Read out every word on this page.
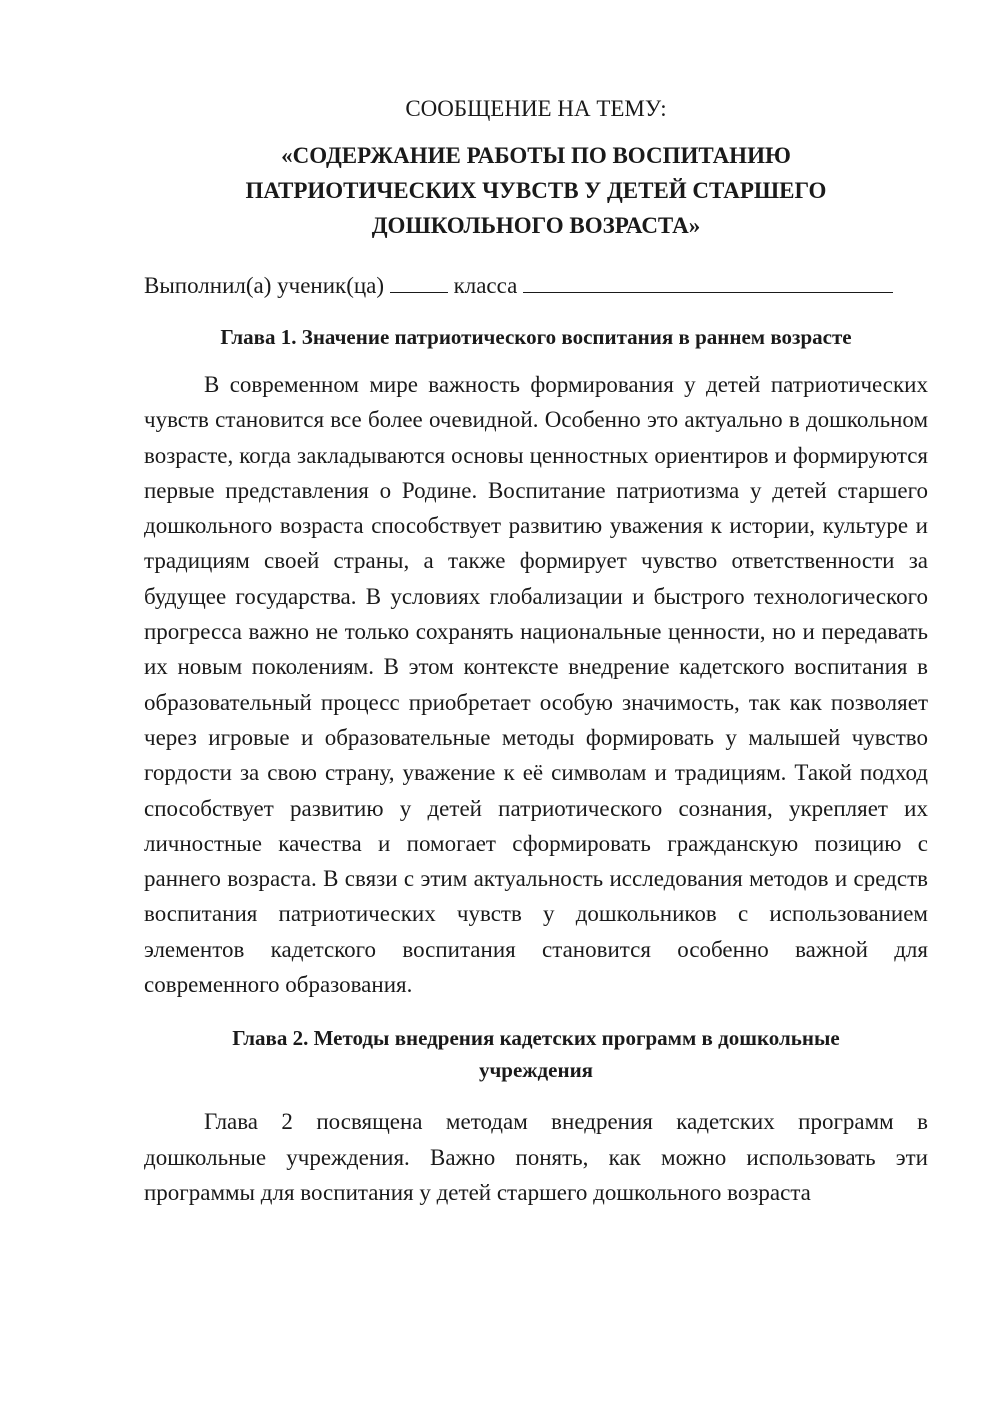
СООБЩЕНИЕ НА ТЕМУ:
«СОДЕРЖАНИЕ РАБОТЫ ПО ВОСПИТАНИЮ
ПАТРИОТИЧЕСКИХ ЧУВСТВ У ДЕТЕЙ СТАРШЕГО
ДОШКОЛЬНОГО ВОЗРАСТА»
Выполнил(а) ученик(ца)	класса
Глава 1. Значение патриотического воспитания в раннем возрасте

В современном мире важность формирования у детей патриотических чувств становится все более очевидной. Особенно это актуально в дошкольном возрасте, когда закладываются основы ценностных ориентиров и формируются первые представления о Родине. Воспитание патриотизма у детей старшего дошкольного возраста способствует развитию уважения к истории, культуре и традициям своей страны, а также формирует чувство ответственности за будущее государства. В условиях глобализации и быстрого технологического прогресса важно не только сохранять национальные ценности, но и передавать их новым поколениям. В этом контексте внедрение кадетского воспитания в образовательный процесс приобретает особую значимость, так как позволяет через игровые и образовательные методы формировать у малышей чувство гордости за свою страну, уважение к её символам и традициям. Такой подход способствует развитию у детей патриотического сознания, укрепляет их личностные качества и помогает сформировать гражданскую позицию с раннего возраста. В связи с этим актуальность исследования методов и средств воспитания патриотических чувств у дошкольников с использованием элементов кадетского воспитания становится особенно важной для современного образования.

Глава 2. Методы внедрения кадетских программ в дошкольные
учреждения

Глава 2 посвящена методам внедрения кадетских программ в дошкольные учреждения. Важно понять, как можно использовать эти программы для воспитания у детей старшего дошкольного возраста
